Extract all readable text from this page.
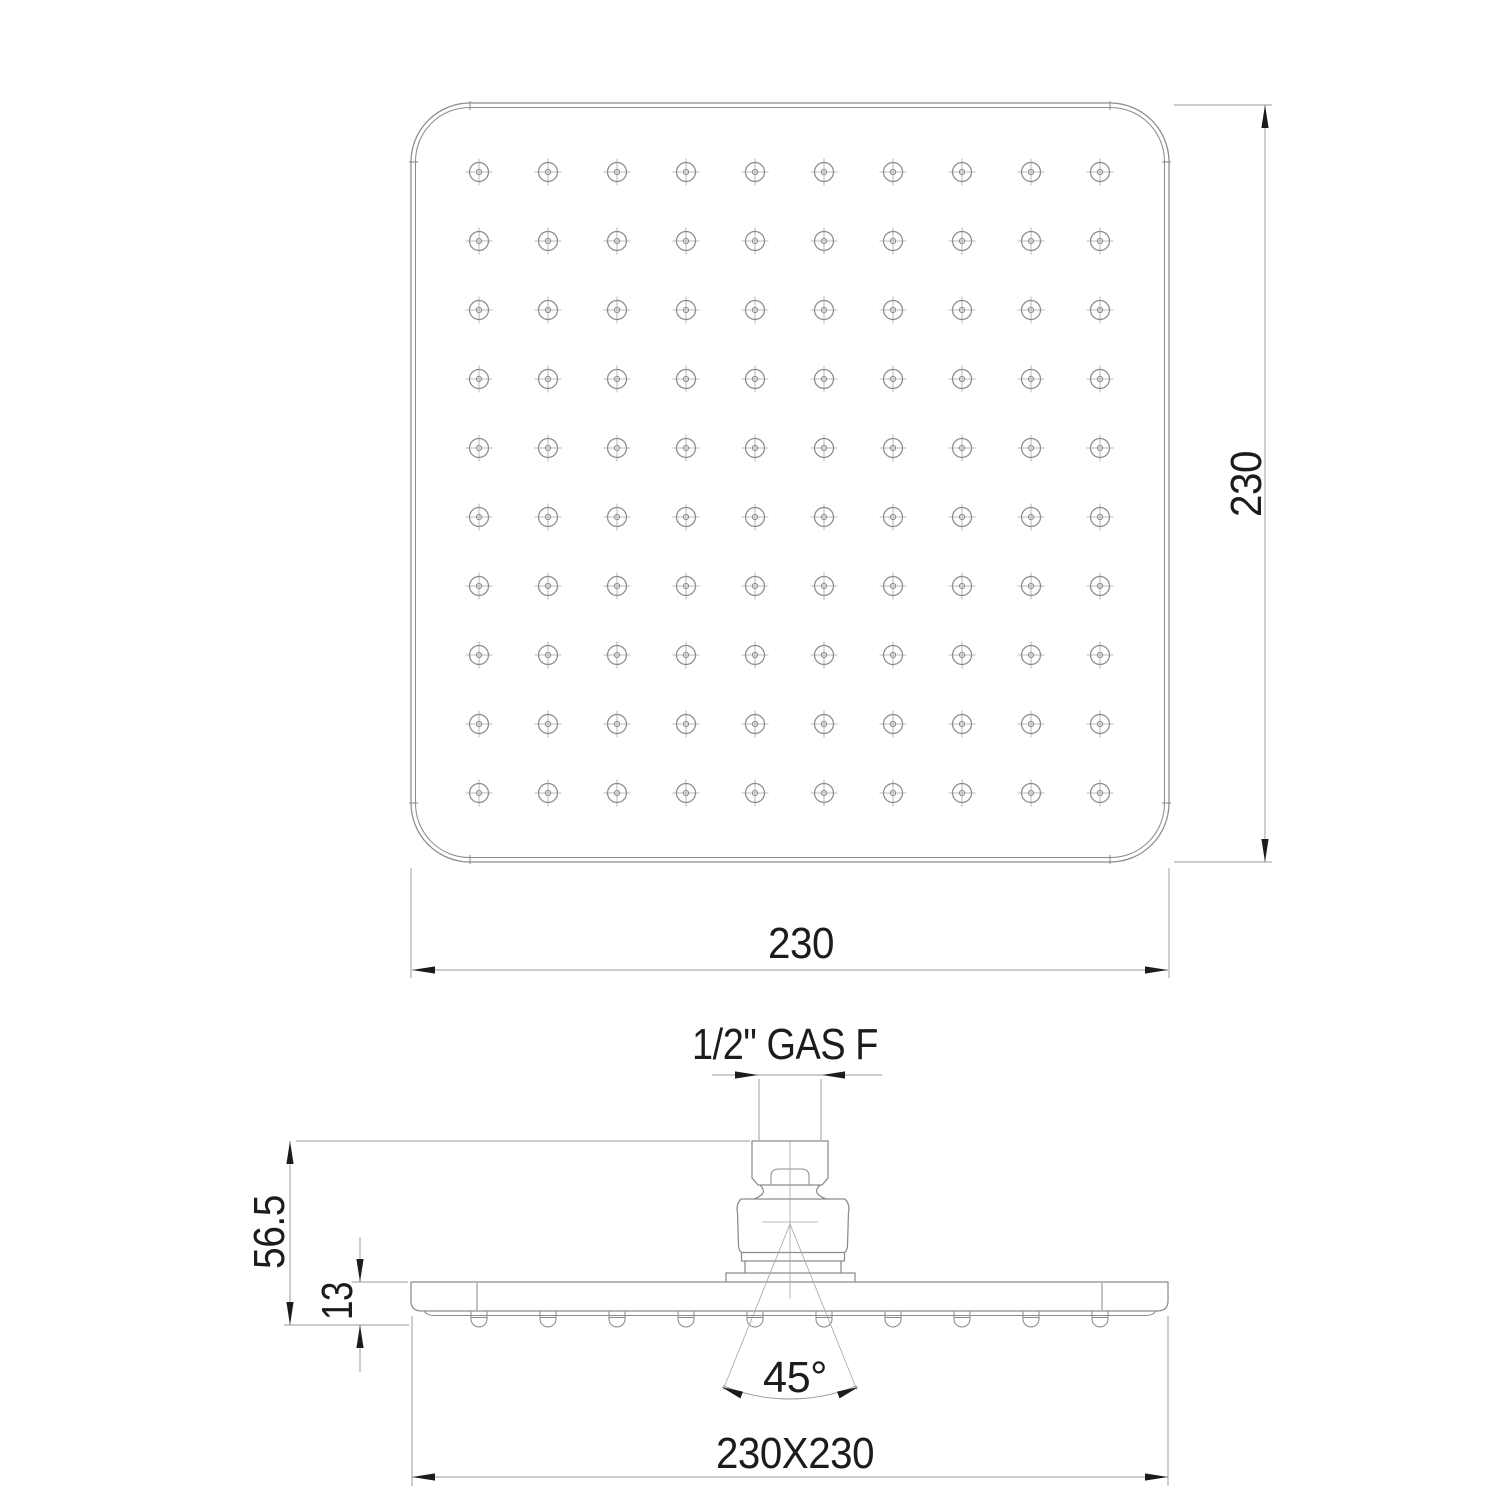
230
230
1/2" GAS F
56.5
13
45°
230X230
